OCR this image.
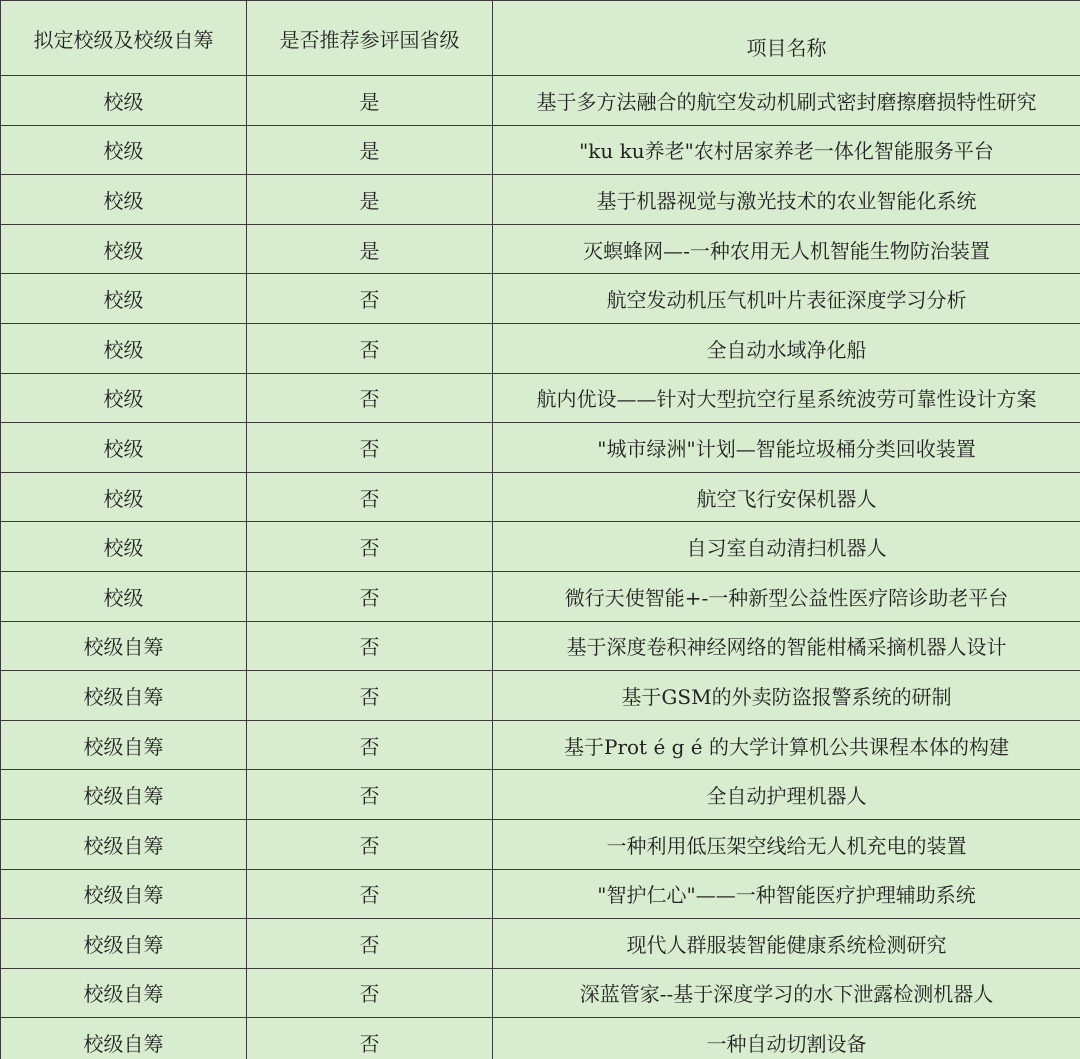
拟定校级及校级自筹	是否推荐参评国省级	项目名称
校级	是	基于多方法融合的航空发动机刷式密封磨擦磨损特性研究
校级	是	"ku ku养老"农村居家养老一体化智能服务平台
校级	是	基于机器视觉与激光技术的农业智能化系统
校级	是	灭螟蜂网—-一种农用无人机智能生物防治装置
校级	否	航空发动机压气机叶片表征深度学习分析
校级	否	全自动水域净化船
校级	否	航内优设——针对大型抗空行星系统波劳可靠性设计方案
校级	否	"城市绿洲"计划—智能垃圾桶分类回收装置
校级	否	航空飞行安保机器人
校级	否	自习室自动清扫机器人
校级	否	微行天使智能+-一种新型公益性医疗陪诊助老平台
校级自筹	否	基于深度卷积神经网络的智能柑橘采摘机器人设计
校级自筹	否	基于GSM的外卖防盗报警系统的研制
校级自筹	否	基于Prot é g é 的大学计算机公共课程本体的构建
校级自筹	否	全自动护理机器人
校级自筹	否	一种利用低压架空线给无人机充电的装置
校级自筹	否	"智护仁心"——一种智能医疗护理辅助系统
校级自筹	否	现代人群服装智能健康系统检测研究
校级自筹	否	深蓝管家--基于深度学习的水下泄露检测机器人
校级自筹	否	一种自动切割设备
